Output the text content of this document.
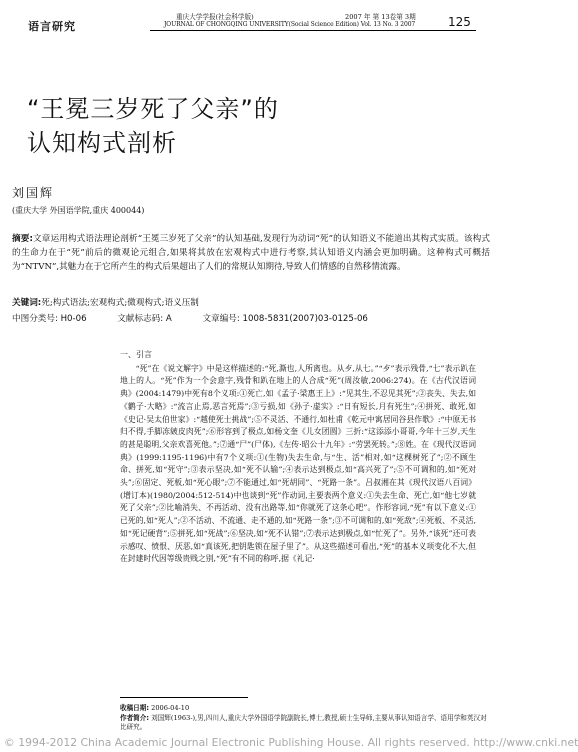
语言研究
重庆大学学报(社会科学版)	2007 年 第 13卷第 3期
JOURNAL OF CHONGQING UNIVERSITY(Social Science Edition) Vol. 13 No. 3 2007	125
“王冕三岁死了父亲”的
认知构式剖析
刘国辉
(重庆大学 外国语学院,重庆 400044)
摘要:文章运用构式语法理论剖析“王冕三岁死了父亲”的认知基础,发现行为动词“死”的认知语义不能道出其构式实质。该构式的生命力在于“死”前后的微观论元组合,如果将其放在宏观构式中进行考察,其认知语义内涵会更加明确。这种构式可概括为“NTVN”,其魅力在于它所产生的构式后果超出了人们的常规认知期待,导致人们情感的自然移情流露。
关键词:死;构式语法;宏观构式;微观构式;语义压制
中图分类号: H0-06	文献标志码: A	文章编号: 1008-5831(2007)03-0125-06
一、引言

“死”在《说文解字》中是这样描述的:“死,澌也,人所离也。从歺,从七。”“歺”表示残骨,“七”表示趴在地上的人。“死”作为一个会意字,残骨和趴在地上的人合成“死”(周汝敏,2006:274)。在《古代汉语词典》(2004:1479)中死有8个义项:①死亡,如《孟子·梁惠王上》:“见其生,不忍见其死”;②丧失、失去,如《鹳子·大略》:“流言止焉,恶言死焉”;③亏损,如《孙子·虚实》:“日有短长,月有死生”;④拼死、敢死,如《史记·吴太伯世家》:“越使死士挑战”;⑤不灵活、不通行,如杜甫《乾元中寓居同谷县作歌》:“中原无书归不得,手脚冻皴皮肉死”;⑥形容到了极点,如杨文奎《儿女团圆》三折:“这添添小哥哥,今年十三岁,天生的甚是聪明,父亲欢喜死他。”;⑦通“尸”(尸体),《左传·昭公十九年》:“劳罢死转。”;⑧姓。在《现代汉语词典》(1999:1195-1196)中有7个义项:①(生物)失去生命,与“生、活”相对,如“这棵树死了”;②不顾生命、拼死,如“死守”;③表示坚决,如“死不认输”;④表示达到极点,如“高兴死了”;⑤不可调和的,如“死对头”;⑥固定、死板,如“死心眼”;⑦不能通过,如“死胡同”、“死路一条”。吕叔湘在其《现代汉语八百词》(增订本)(1980/2004:512-514)中也谈到“死”作动词,主要表两个意义:①失去生命、死亡,如“他七岁就死了父亲”;②比喻消失、不再活动、没有出路等,如“你就死了这条心吧”。作形容词,“死”有以下意义:①已死的,如“死人”;②不活动、不流通、走不通的,如“死路一条”;③不可调和的,如“死敌”;④死板、不灵活,如“死记硬背”;⑤拼死,如“死战”;⑥坚决,如“死不认错”;⑦表示达到极点,如“忙死了”。另外,“该死”还可表示感叹、愤恨、厌恶,如“真该死,把钥匙锁在屋子里了”。从这些描述可看出,“死”的基本义项变化不大,但在封建时代因等级贵贱之别,“死”有不同的称呼,据《礼记·

收稿日期: 2006-04-10
作者简介: 刘国辉(1963-),男,四川人,重庆大学外国语学院副院长,博士,教授,硕士生导师,主要从事认知语言学、语用学和英汉对比研究。
© 1994-2012 China Academic Journal Electronic Publishing House. All rights reserved. http://www.cnki.net
